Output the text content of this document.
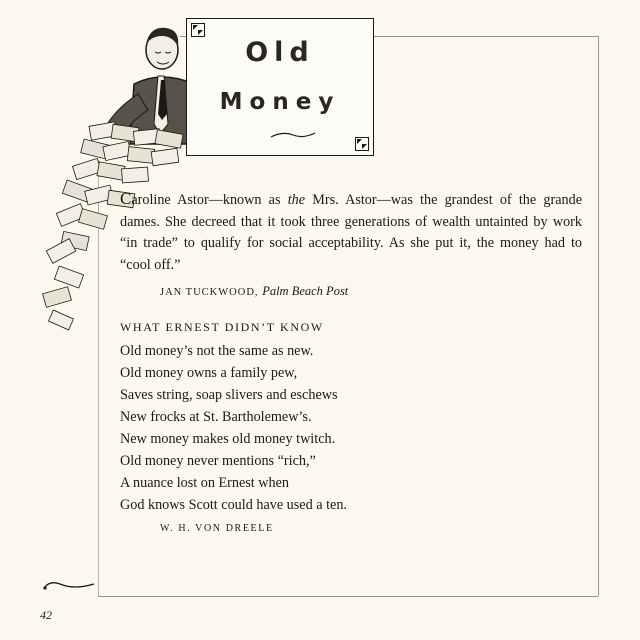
Old
Money
Caroline Astor—known as the Mrs. Astor—was the grandest of the grande dames. She decreed that it took three generations of wealth untainted by work “in trade” to qualify for social acceptability. As she put it, the money had to “cool off.”
JAN TUCKWOOD, Palm Beach Post
WHAT ERNEST DIDN’T KNOW
Old money’s not the same as new.
Old money owns a family pew,
Saves string, soap slivers and eschews
New frocks at St. Bartholemew’s.
New money makes old money twitch.
Old money never mentions “rich,”
A nuance lost on Ernest when
God knows Scott could have used a ten.
W. H. VON DREELE
42
